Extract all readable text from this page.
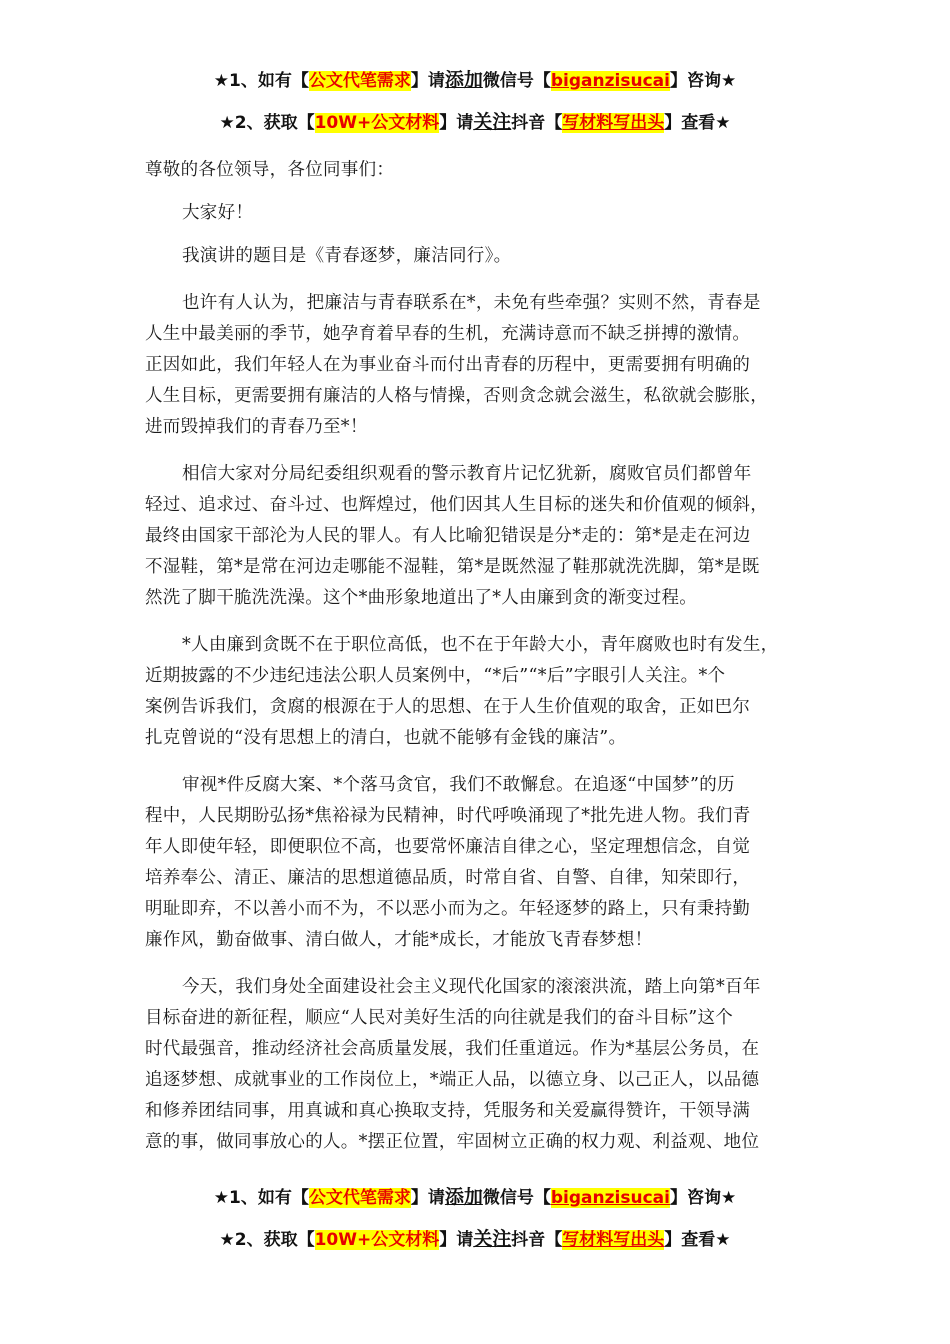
★1、如有【公文代笔需求】请添加微信号【biganzisucai】咨询★
★2、获取【10W+公文材料】请关注抖音【写材料写出头】查看★

尊敬的各位领导，各位同事们：

大家好！

我演讲的题目是《青春逐梦，廉洁同行》。

也许有人认为，把廉洁与青春联系在*，未免有些牵强？实则不然，青春是

人生中最美丽的季节，她孕育着早春的生机，充满诗意而不缺乏拼搏的激情。

正因如此，我们年轻人在为事业奋斗而付出青春的历程中，更需要拥有明确的

人生目标，更需要拥有廉洁的人格与情操，否则贪念就会滋生，私欲就会膨胀，

进而毁掉我们的青春乃至*！

相信大家对分局纪委组织观看的警示教育片记忆犹新，腐败官员们都曾年

轻过、追求过、奋斗过、也辉煌过，他们因其人生目标的迷失和价值观的倾斜，

最终由国家干部沦为人民的罪人。有人比喻犯错误是分*走的：第*是走在河边

不湿鞋，第*是常在河边走哪能不湿鞋，第*是既然湿了鞋那就洗洗脚，第*是既

然洗了脚干脆洗洗澡。这个*曲形象地道出了*人由廉到贪的渐变过程。

*人由廉到贪既不在于职位高低，也不在于年龄大小，青年腐败也时有发生，

近期披露的不少违纪违法公职人员案例中，“*后”“*后”字眼引人关注。*个

案例告诉我们，贪腐的根源在于人的思想、在于人生价值观的取舍，正如巴尔

扎克曾说的“没有思想上的清白，也就不能够有金钱的廉洁”。

审视*件反腐大案、*个落马贪官，我们不敢懈怠。在追逐“中国梦”的历

程中，人民期盼弘扬*焦裕禄为民精神，时代呼唤涌现了*批先进人物。我们青

年人即使年轻，即便职位不高，也要常怀廉洁自律之心，坚定理想信念，自觉

培养奉公、清正、廉洁的思想道德品质，时常自省、自警、自律，知荣即行，

明耻即弃，不以善小而不为，不以恶小而为之。年轻逐梦的路上，只有秉持勤

廉作风，勤奋做事、清白做人，才能*成长，才能放飞青春梦想！

今天，我们身处全面建设社会主义现代化国家的滚滚洪流，踏上向第*百年

目标奋进的新征程，顺应“人民对美好生活的向往就是我们的奋斗目标”这个

时代最强音，推动经济社会高质量发展，我们任重道远。作为*基层公务员，在

追逐梦想、成就事业的工作岗位上，*端正人品，以德立身、以己正人，以品德

和修养团结同事，用真诚和真心换取支持，凭服务和关爱赢得赞许，干领导满

意的事，做同事放心的人。*摆正位置，牢固树立正确的权力观、利益观、地位

★1、如有【公文代笔需求】请添加微信号【biganzisucai】咨询★
★2、获取【10W+公文材料】请关注抖音【写材料写出头】查看★
